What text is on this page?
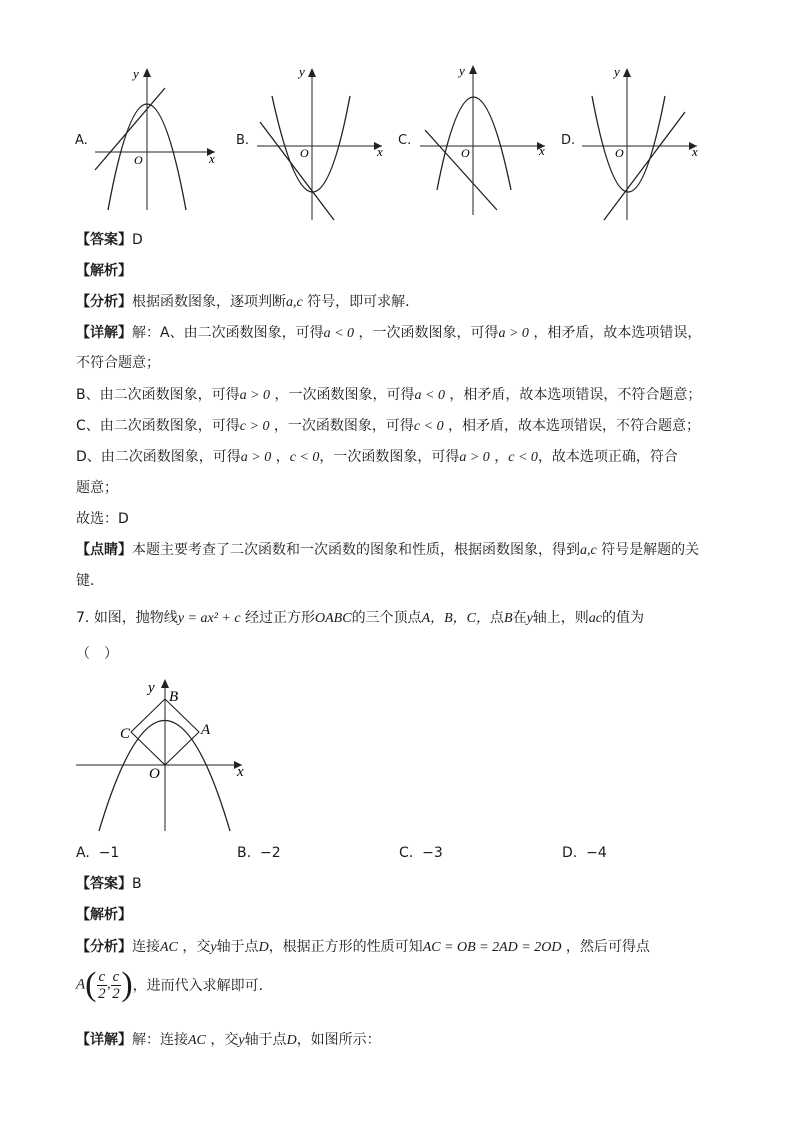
A.	B.	C.	D.
y
x
O
y
x
O
y
x
O
y
x
O
【答案】D
【解析】
【分析】根据函数图象，逐项判断a,c 符号，即可求解．
【详解】解：A、由二次函数图象，可得a < 0 ，一次函数图象，可得a > 0 ，相矛盾，故本选项错误，
不符合题意；
B、由二次函数图象，可得a > 0 ，一次函数图象，可得a < 0 ，相矛盾，故本选项错误，不符合题意；
C、由二次函数图象，可得c > 0 ，一次函数图象，可得c < 0 ，相矛盾，故本选项错误，不符合题意；
D、由二次函数图象，可得a > 0 ，c < 0，一次函数图象，可得a > 0 ，c < 0，故本选项正确，符合
题意；
故选：D
【点睛】本题主要考查了二次函数和一次函数的图象和性质，根据函数图象，得到a,c 符号是解题的关
键．
7. 如图，抛物线y = ax² + c 经过正方形OABC的三个顶点A，B，C，点B在y轴上，则ac的值为
（　）
y
B
C	A
O	x
A. −1	B. −2	C. −3	D. −4
【答案】B
【解析】
【分析】连接AC ，交y轴于点D，根据正方形的性质可知AC = OB = 2AD = 2OD ，然后可得点
$A( \frac{c}{2}$ , $\frac{c}{2}$ )，进而代入求解即可．
【详解】解：连接AC ，交y轴于点D，如图所示：
